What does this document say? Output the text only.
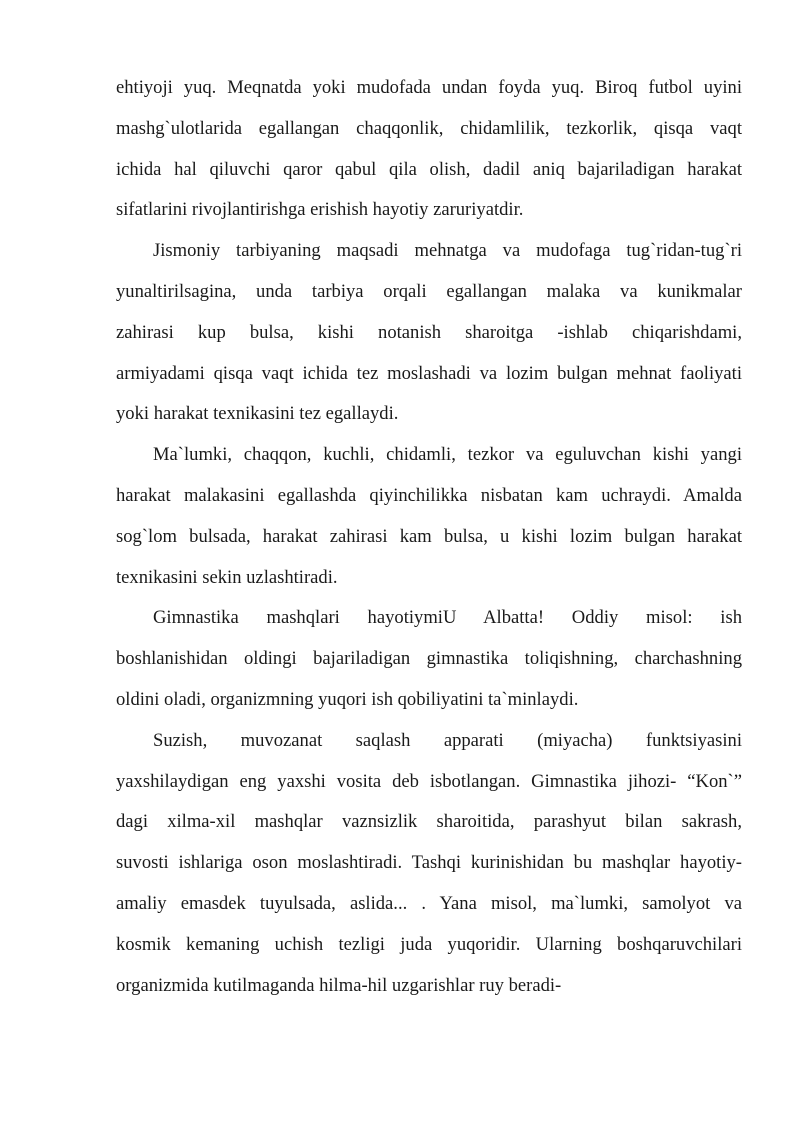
ehtiyoji yuq. Meqnatda yoki mudofada undan foyda yuq. Biroq futbol uyini
mashg`ulotlarida egallangan chaqqonlik, chidamlilik, tezkorlik, qisqa vaqt
ichida hal qiluvchi qaror qabul qila olish, dadil aniq bajariladigan harakat
sifatlarini rivojlantirishga erishish hayotiy zaruriyatdir.
Jismoniy tarbiyaning maqsadi mehnatga va mudofaga tug`ridan-tug`ri
yunaltirilsagina, unda tarbiya orqali egallangan malaka va kunikmalar
zahirasi kup bulsa, kishi notanish sharoitga -ishlab chiqarishdami,
armiyadami qisqa vaqt ichida tez moslashadi va lozim bulgan mehnat faoliyati
yoki harakat texnikasini tez egallaydi.
Ma`lumki, chaqqon, kuchli, chidamli, tezkor va eguluvchan kishi yangi
harakat malakasini egallashda qiyinchilikka nisbatan kam uchraydi. Amalda
sog`lom bulsada, harakat zahirasi kam bulsa, u kishi lozim bulgan harakat
texnikasini sekin uzlashtiradi.
Gimnastika mashqlari hayotiymiU Albatta! Oddiy misol: ish
boshlanishidan oldingi bajariladigan gimnastika toliqishning, charchashning
oldini oladi, organizmning yuqori ish qobiliyatini ta`minlaydi.
Suzish, muvozanat saqlash apparati (miyacha) funktsiyasini
yaxshilaydigan eng yaxshi vosita deb isbotlangan. Gimnastika jihozi- “Kon`”
dagi xilma-xil mashqlar vaznsizlik sharoitida, parashyut bilan sakrash,
suvosti ishlariga oson moslashtiradi. Tashqi kurinishidan bu mashqlar hayotiy-
amaliy emasdek tuyulsada, aslida... . Yana misol, ma`lumki, samolyot va
kosmik kemaning uchish tezligi juda yuqoridir. Ularning boshqaruvchilari
organizmida kutilmaganda hilma-hil uzgarishlar ruy beradi-
